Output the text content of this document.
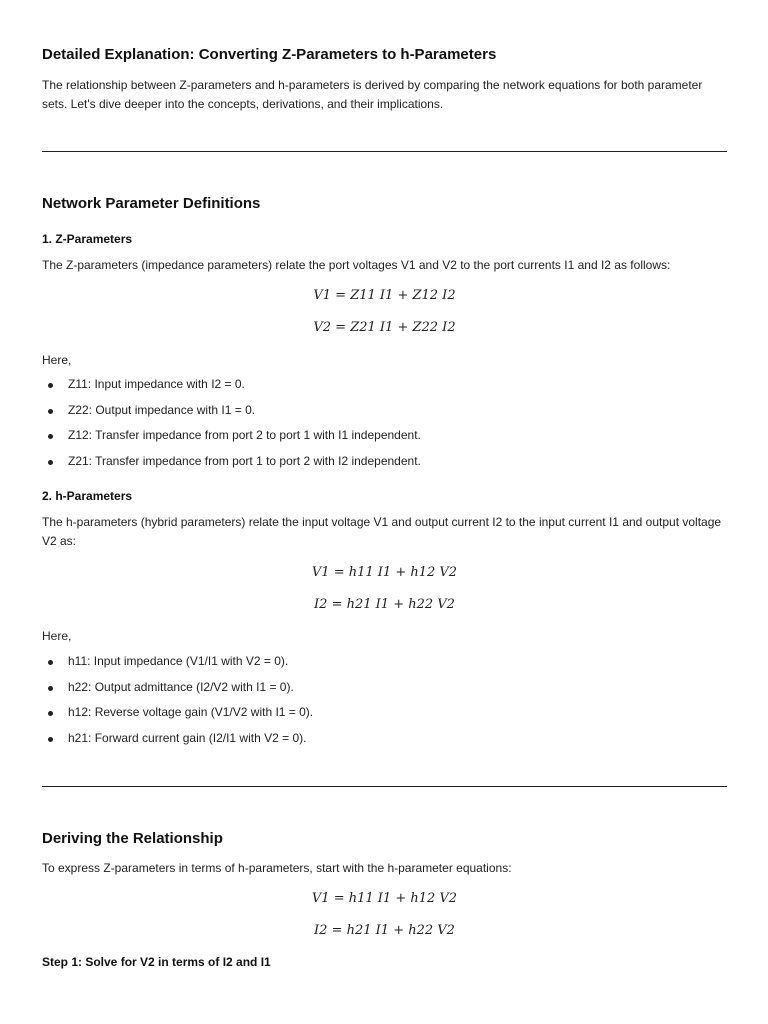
Detailed Explanation: Converting Z-Parameters to h-Parameters

The relationship between Z-parameters and h-parameters is derived by comparing the network equations for both parameter sets. Let's dive deeper into the concepts, derivations, and their implications.

Network Parameter Definitions
1. Z-Parameters

The Z-parameters (impedance parameters) relate the port voltages V1 and V2 to the port currents I1 and I2 as follows:

V1 = Z11 I1 + Z12 I2
V2 = Z21 I1 + Z22 I2

Here,

Z11: Input impedance with I2 = 0.
Z22: Output impedance with I1 = 0.
Z12: Transfer impedance from port 2 to port 1 with I1 independent.
Z21: Transfer impedance from port 1 to port 2 with I2 independent.
2. h-Parameters

The h-parameters (hybrid parameters) relate the input voltage V1 and output current I2 to the input current I1 and output voltage V2 as:

V1 = h11 I1 + h12 V2
I2 = h21 I1 + h22 V2

Here,

h11: Input impedance (V1/I1 with V2 = 0).
h22: Output admittance (I2/V2 with I1 = 0).
h12: Reverse voltage gain (V1/V2 with I1 = 0).
h21: Forward current gain (I2/I1 with V2 = 0).
Deriving the Relationship

To express Z-parameters in terms of h-parameters, start with the h-parameter equations:

V1 = h11 I1 + h12 V2
I2 = h21 I1 + h22 V2
Step 1: Solve for V2 in terms of I2 and I1
